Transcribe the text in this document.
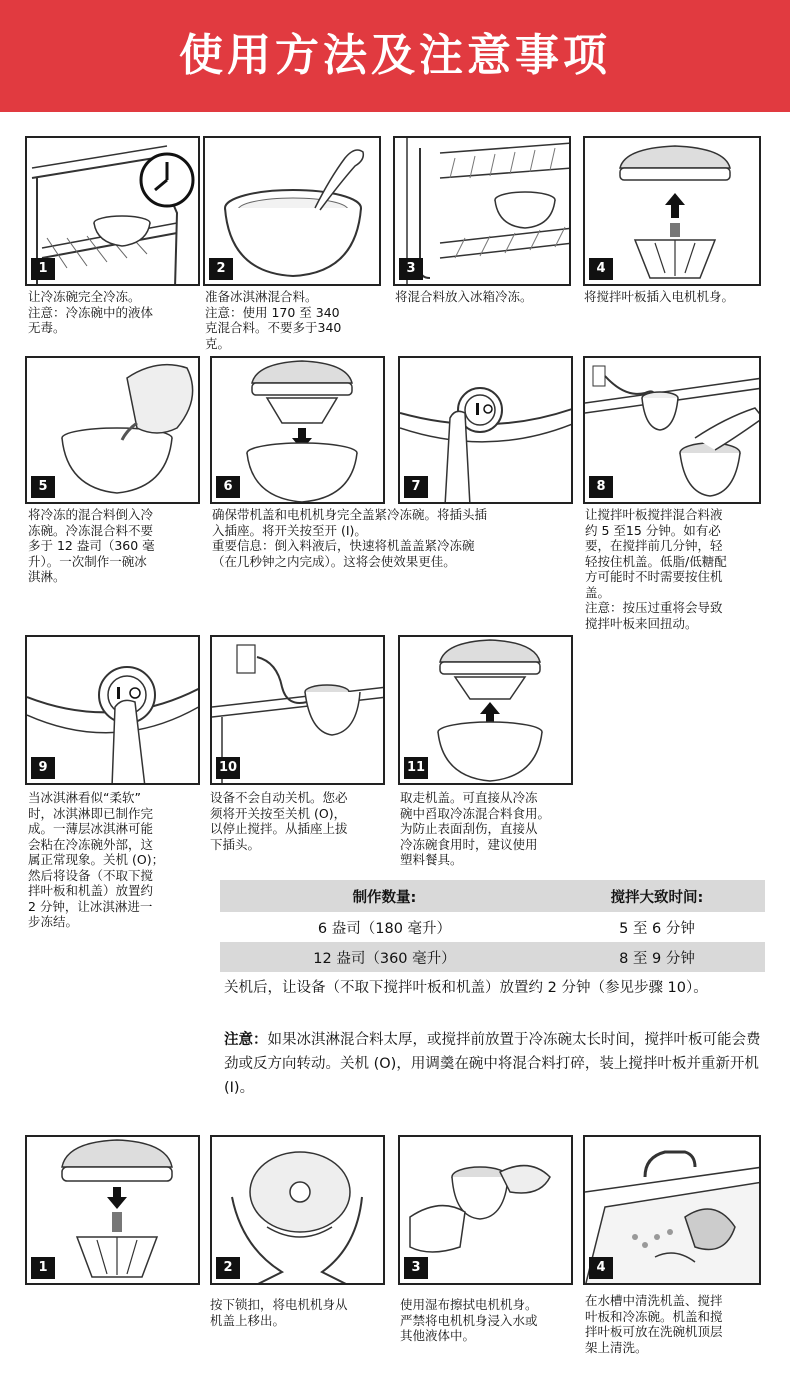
使用方法及注意事项
1
让冷冻碗完全冷冻。
注意：冷冻碗中的液体
无毒。
2
准备冰淇淋混合料。
注意：使用 170 至 340
克混合料。不要多于340
克。
3
将混合料放入冰箱冷冻。
4
将搅拌叶板插入电机机身。
5
将冷冻的混合料倒入冷
冻碗。冷冻混合料不要
多于 12 盎司（360 毫
升）。一次制作一碗冰
淇淋。
6
确保带机盖和电机机身完全盖紧冷冻碗。将插头插
入插座。将开关按至开 (I)。
重要信息：倒入料液后，快速将机盖盖紧冷冻碗
（在几秒钟之内完成）。这将会使效果更佳。
7	8
让搅拌叶板搅拌混合料液
约 5 至15 分钟。如有必
要，在搅拌前几分钟，轻
轻按住机盖。低脂/低糖配
方可能时不时需要按住机
盖。
注意：按压过重将会导致
搅拌叶板来回扭动。
9
当冰淇淋看似“柔软”
时，冰淇淋即已制作完
成。一薄层冰淇淋可能
会粘在冷冻碗外部，这
属正常现象。关机 (O)；
然后将设备（不取下搅
拌叶板和机盖）放置约
2 分钟，让冰淇淋进一
步冻结。
10
设备不会自动关机。您必
须将开关按至关机 (O)，
以停止搅拌。从插座上拔
下插头。
11
取走机盖。可直接从冷冻
碗中舀取冷冻混合料食用。
为防止表面刮伤，直接从
冷冻碗食用时，建议使用
塑料餐具。
制作数量:	搅拌大致时间:
6 盎司（180 毫升）	5 至 6 分钟
12 盎司（360 毫升）	8 至 9 分钟
关机后，让设备（不取下搅拌叶板和机盖）放置约 2 分钟（参见步骤 10）。
注意：如果冰淇淋混合料太厚，或搅拌前放置于冷冻碗太长时间，搅拌叶板可能会费劲或反方向转动。关机 (O)，用调羹在碗中将混合料打碎，装上搅拌叶板并重新开机 (I)。
1	2
按下锁扣，将电机机身从
机盖上移出。
3
使用湿布擦拭电机机身。
严禁将电机机身浸入水或
其他液体中。
4
在水槽中清洗机盖、搅拌
叶板和冷冻碗。机盖和搅
拌叶板可放在洗碗机顶层
架上清洗。
